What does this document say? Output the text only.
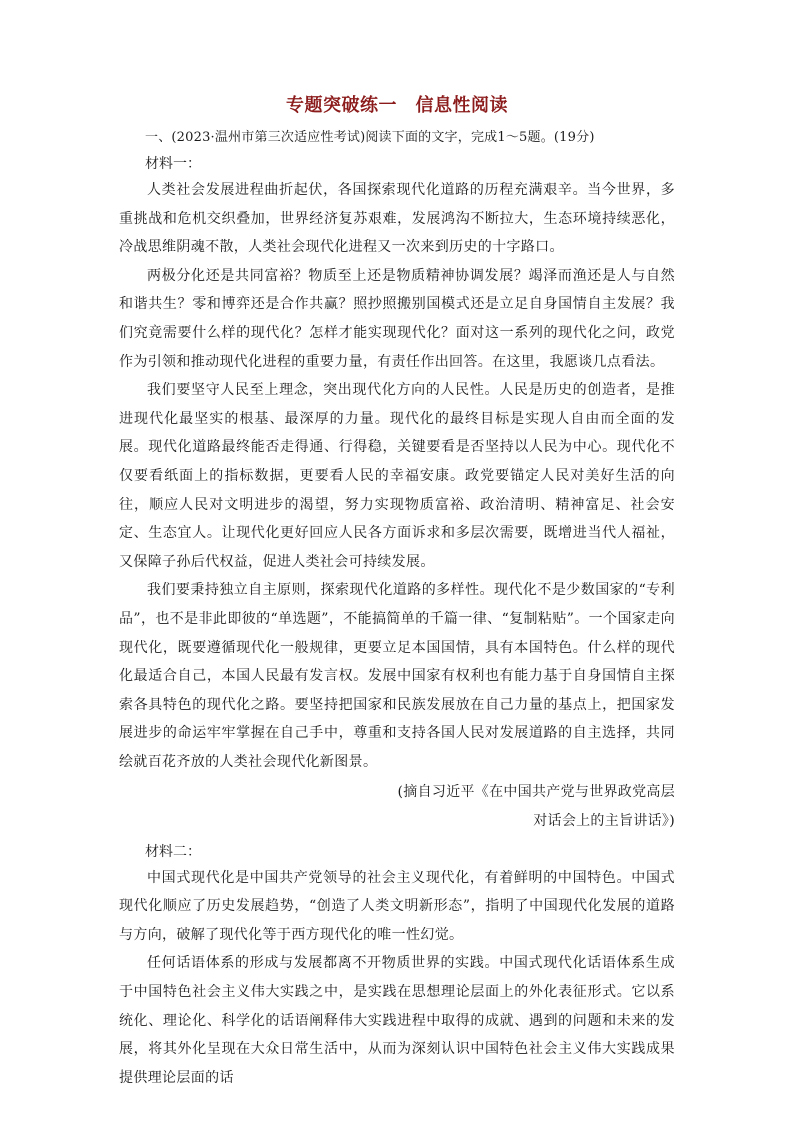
专题突破练一　信息性阅读

一、(2023·温州市第三次适应性考试)阅读下面的文字，完成1～5题。(19分)

材料一：

人类社会发展进程曲折起伏，各国探索现代化道路的历程充满艰辛。当今世界，多重挑战和危机交织叠加，世界经济复苏艰难，发展鸿沟不断拉大，生态环境持续恶化，冷战思维阴魂不散，人类社会现代化进程又一次来到历史的十字路口。

两极分化还是共同富裕？物质至上还是物质精神协调发展？竭泽而渔还是人与自然和谐共生？零和博弈还是合作共赢？照抄照搬别国模式还是立足自身国情自主发展？我们究竟需要什么样的现代化？怎样才能实现现代化？面对这一系列的现代化之问，政党作为引领和推动现代化进程的重要力量，有责任作出回答。在这里，我愿谈几点看法。

我们要坚守人民至上理念，突出现代化方向的人民性。人民是历史的创造者，是推进现代化最坚实的根基、最深厚的力量。现代化的最终目标是实现人自由而全面的发展。现代化道路最终能否走得通、行得稳，关键要看是否坚持以人民为中心。现代化不仅要看纸面上的指标数据，更要看人民的幸福安康。政党要锚定人民对美好生活的向往，顺应人民对文明进步的渴望，努力实现物质富裕、政治清明、精神富足、社会安定、生态宜人。让现代化更好回应人民各方面诉求和多层次需要，既增进当代人福祉，又保障子孙后代权益，促进人类社会可持续发展。

我们要秉持独立自主原则，探索现代化道路的多样性。现代化不是少数国家的“专利品”，也不是非此即彼的“单选题”，不能搞简单的千篇一律、“复制粘贴”。一个国家走向现代化，既要遵循现代化一般规律，更要立足本国国情，具有本国特色。什么样的现代化最适合自己，本国人民最有发言权。发展中国家有权利也有能力基于自身国情自主探索各具特色的现代化之路。要坚持把国家和民族发展放在自己力量的基点上，把国家发展进步的命运牢牢掌握在自己手中，尊重和支持各国人民对发展道路的自主选择，共同绘就百花齐放的人类社会现代化新图景。

(摘自习近平《在中国共产党与世界政党高层
对话会上的主旨讲话》)

材料二：

中国式现代化是中国共产党领导的社会主义现代化，有着鲜明的中国特色。中国式现代化顺应了历史发展趋势，“创造了人类文明新形态”，指明了中国现代化发展的道路与方向，破解了现代化等于西方现代化的唯一性幻觉。

任何话语体系的形成与发展都离不开物质世界的实践。中国式现代化话语体系生成于中国特色社会主义伟大实践之中，是实践在思想理论层面上的外化表征形式。它以系统化、理论化、科学化的话语阐释伟大实践进程中取得的成就、遇到的问题和未来的发展，将其外化呈现在大众日常生活中，从而为深刻认识中国特色社会主义伟大实践成果提供理论层面的话
